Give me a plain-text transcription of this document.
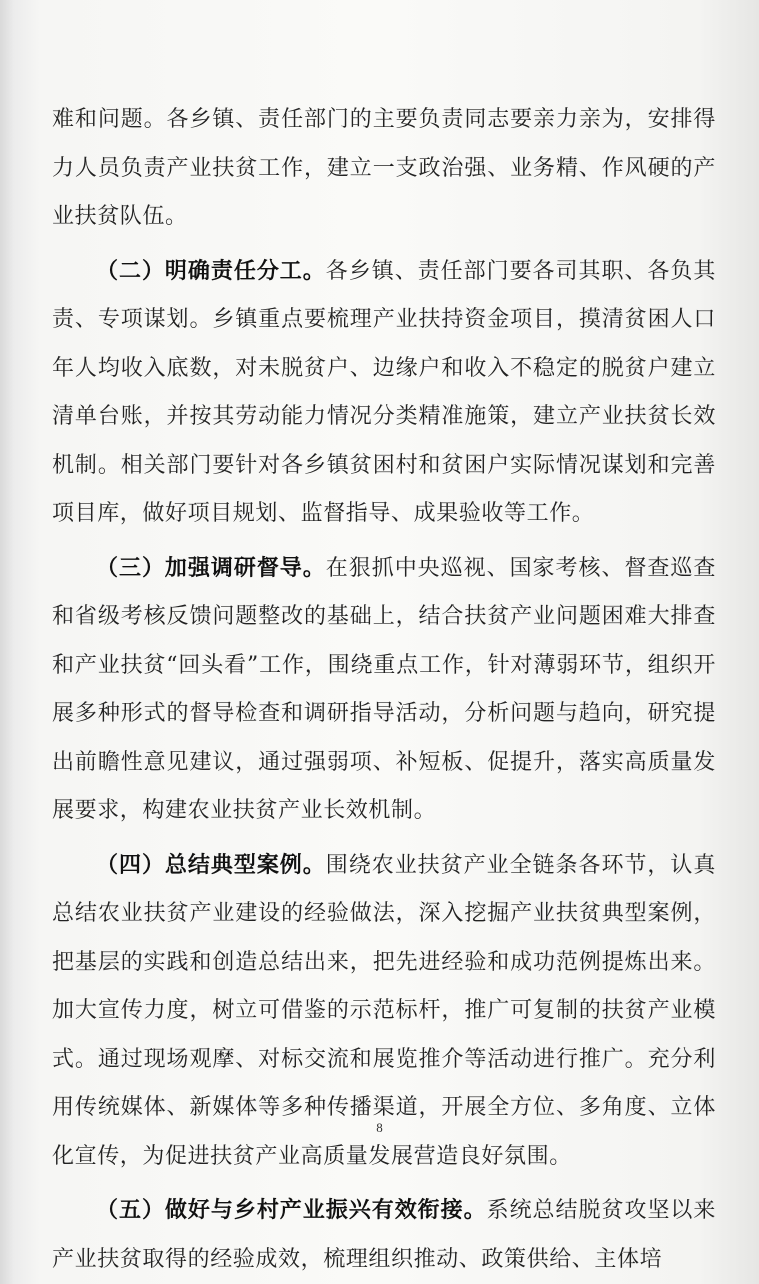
难和问题。各乡镇、责任部门的主要负责同志要亲力亲为，安排得力人员负责产业扶贫工作，建立一支政治强、业务精、作风硬的产业扶贫队伍。

（二）明确责任分工。各乡镇、责任部门要各司其职、各负其责、专项谋划。乡镇重点要梳理产业扶持资金项目，摸清贫困人口年人均收入底数，对未脱贫户、边缘户和收入不稳定的脱贫户建立清单台账，并按其劳动能力情况分类精准施策，建立产业扶贫长效机制。相关部门要针对各乡镇贫困村和贫困户实际情况谋划和完善项目库，做好项目规划、监督指导、成果验收等工作。

（三）加强调研督导。在狠抓中央巡视、国家考核、督查巡查和省级考核反馈问题整改的基础上，结合扶贫产业问题困难大排查和产业扶贫“回头看”工作，围绕重点工作，针对薄弱环节，组织开展多种形式的督导检查和调研指导活动，分析问题与趋向，研究提出前瞻性意见建议，通过强弱项、补短板、促提升，落实高质量发展要求，构建农业扶贫产业长效机制。

（四）总结典型案例。围绕农业扶贫产业全链条各环节，认真总结农业扶贫产业建设的经验做法，深入挖掘产业扶贫典型案例，把基层的实践和创造总结出来，把先进经验和成功范例提炼出来。加大宣传力度，树立可借鉴的示范标杆，推广可复制的扶贫产业模式。通过现场观摩、对标交流和展览推介等活动进行推广。充分利用传统媒体、新媒体等多种传播渠道，开展全方位、多角度、立体化宣传，为促进扶贫产业高质量发展营造良好氛围。

（五）做好与乡村产业振兴有效衔接。系统总结脱贫攻坚以来产业扶贫取得的经验成效，梳理组织推动、政策供给、主体培

8
